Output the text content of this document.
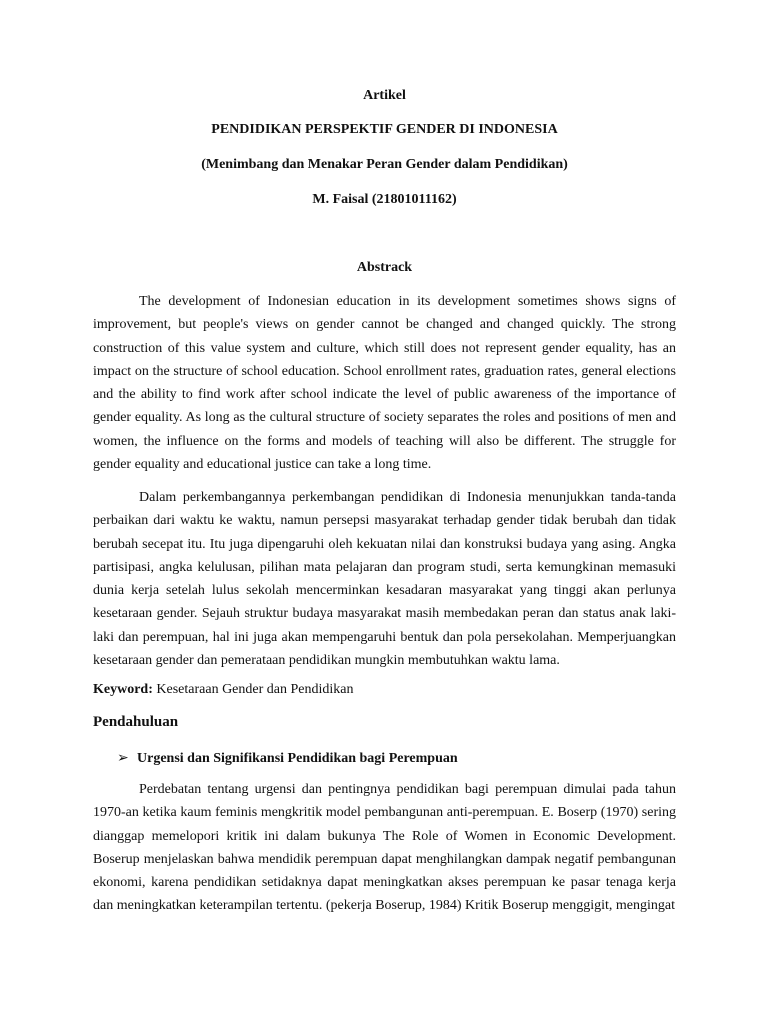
Artikel
PENDIDIKAN PERSPEKTIF GENDER DI INDONESIA
(Menimbang dan Menakar Peran Gender dalam Pendidikan)
M. Faisal (21801011162)
Abstrack

The development of Indonesian education in its development sometimes shows signs of improvement, but people's views on gender cannot be changed and changed quickly. The strong construction of this value system and culture, which still does not represent gender equality, has an impact on the structure of school education. School enrollment rates, graduation rates, general elections and the ability to find work after school indicate the level of public awareness of the importance of gender equality. As long as the cultural structure of society separates the roles and positions of men and women, the influence on the forms and models of teaching will also be different. The struggle for gender equality and educational justice can take a long time.

Dalam perkembangannya perkembangan pendidikan di Indonesia menunjukkan tanda-tanda perbaikan dari waktu ke waktu, namun persepsi masyarakat terhadap gender tidak berubah dan tidak berubah secepat itu. Itu juga dipengaruhi oleh kekuatan nilai dan konstruksi budaya yang asing. Angka partisipasi, angka kelulusan, pilihan mata pelajaran dan program studi, serta kemungkinan memasuki dunia kerja setelah lulus sekolah mencerminkan kesadaran masyarakat yang tinggi akan perlunya kesetaraan gender. Sejauh struktur budaya masyarakat masih membedakan peran dan status anak laki-laki dan perempuan, hal ini juga akan mempengaruhi bentuk dan pola persekolahan. Memperjuangkan kesetaraan gender dan pemerataan pendidikan mungkin membutuhkan waktu lama.

Keyword: Kesetaraan Gender dan Pendidikan
Pendahuluan
➢ Urgensi dan Signifikansi Pendidikan bagi Perempuan

Perdebatan tentang urgensi dan pentingnya pendidikan bagi perempuan dimulai pada tahun 1970-an ketika kaum feminis mengkritik model pembangunan anti-perempuan. E. Boserp (1970) sering dianggap memelopori kritik ini dalam bukunya The Role of Women in Economic Development. Boserup menjelaskan bahwa mendidik perempuan dapat menghilangkan dampak negatif pembangunan ekonomi, karena pendidikan setidaknya dapat meningkatkan akses perempuan ke pasar tenaga kerja dan meningkatkan keterampilan tertentu. (pekerja Boserup, 1984) Kritik Boserup menggigit, mengingat
